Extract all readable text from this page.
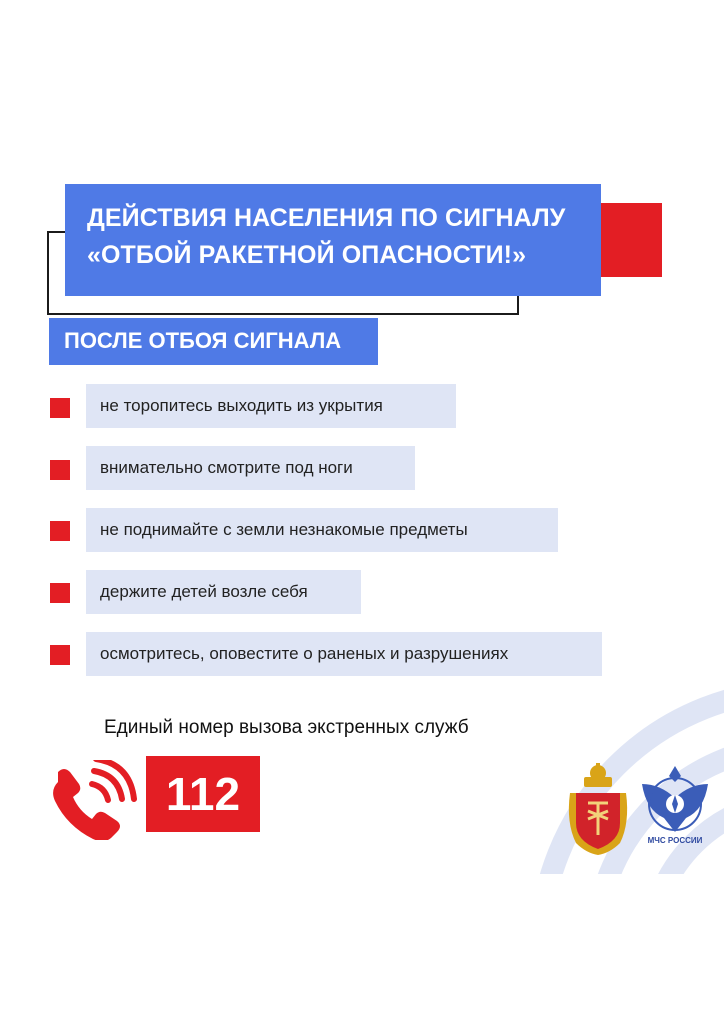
ДЕЙСТВИЯ НАСЕЛЕНИЯ ПО СИГНАЛУ
«ОТБОЙ РАКЕТНОЙ ОПАСНОСТИ!»
ПОСЛЕ ОТБОЯ СИГНАЛА
не торопитесь выходить из укрытия
внимательно смотрите под ноги
не поднимайте с земли незнакомые предметы
держите детей возле себя
осмотритесь, оповестите о раненых и разрушениях
Единый номер вызова экстренных служб
112
МЧС РОССИИ
